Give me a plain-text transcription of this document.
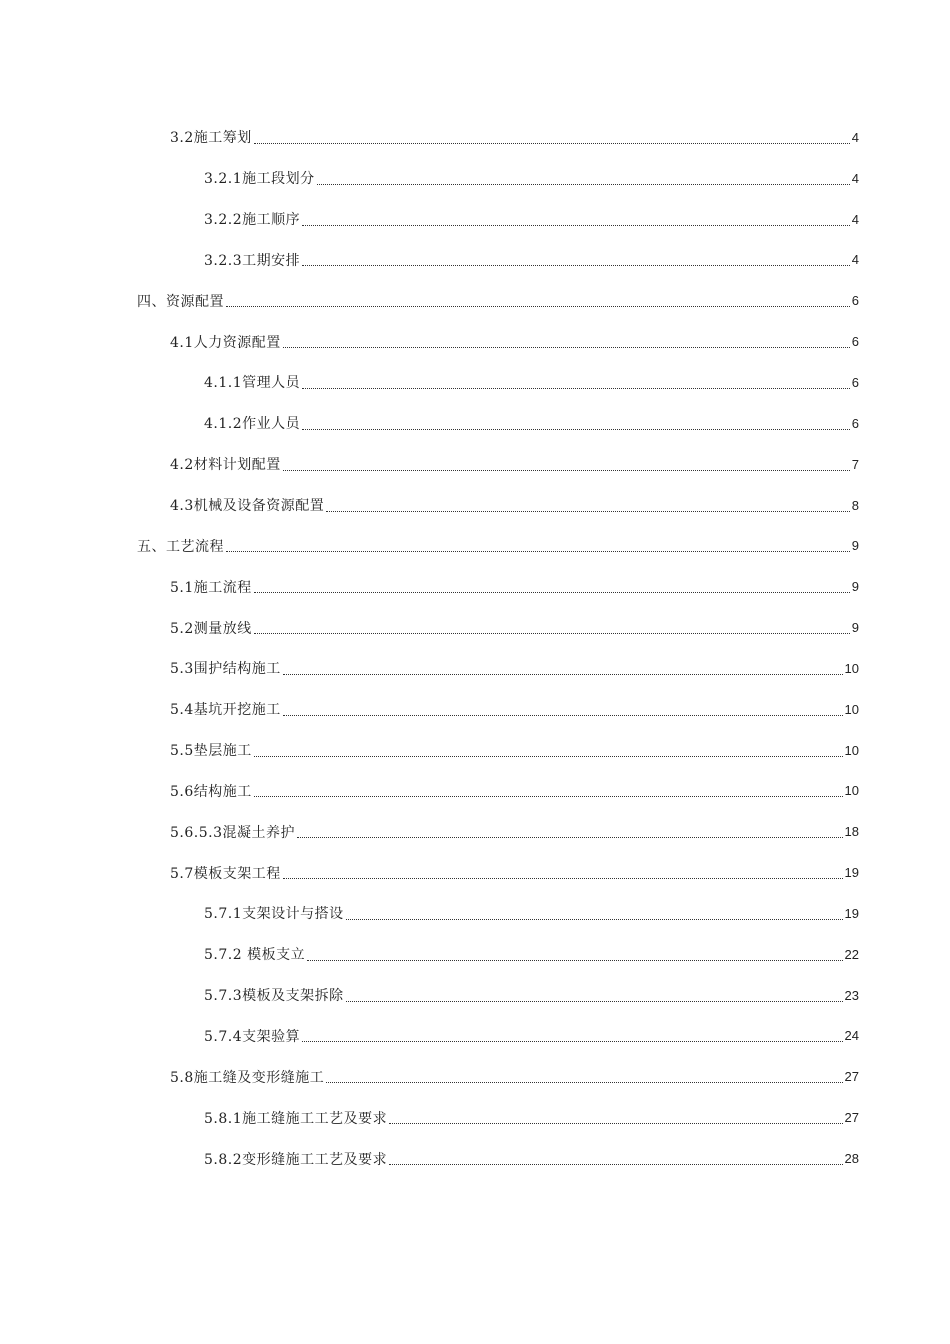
3.2施工筹划	4
3.2.1施工段划分	4
3.2.2施工顺序	4
3.2.3工期安排	4
四、资源配置	6
4.1人力资源配置	6
4.1.1管理人员	6
4.1.2作业人员	6
4.2材料计划配置	7
4.3机械及设备资源配置	8
五、工艺流程	9
5.1施工流程	9
5.2测量放线	9
5.3围护结构施工	10
5.4基坑开挖施工	10
5.5垫层施工	10
5.6结构施工	10
5.6.5.3混凝土养护	18
5.7模板支架工程	19
5.7.1支架设计与搭设	19
5.7.2 模板支立	22
5.7.3模板及支架拆除	23
5.7.4支架验算	24
5.8施工缝及变形缝施工	27
5.8.1施工缝施工工艺及要求	27
5.8.2变形缝施工工艺及要求	28
